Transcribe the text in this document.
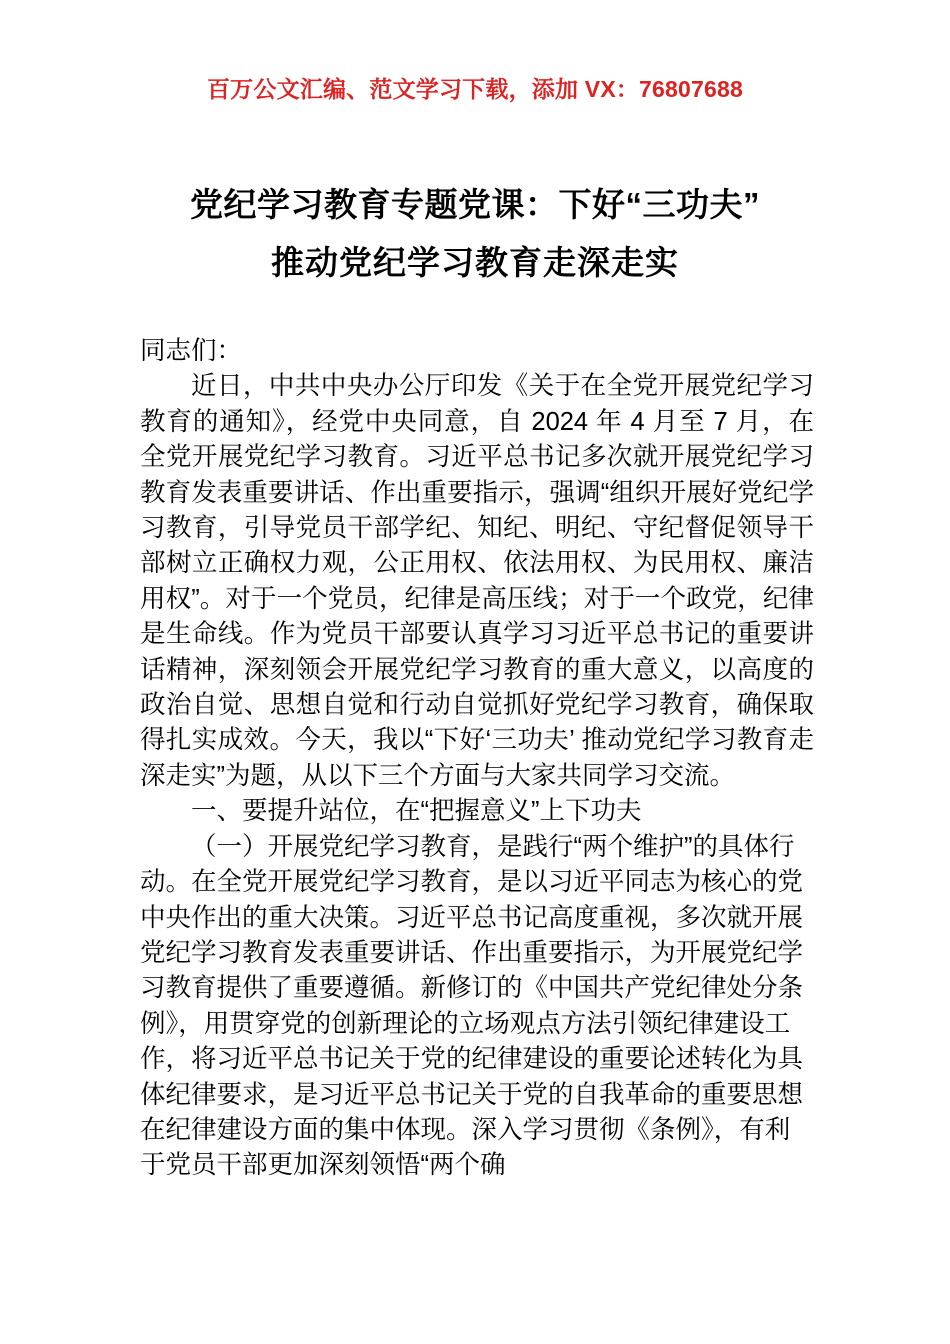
百万公文汇编、范文学习下载，添加 VX：76807688
党纪学习教育专题党课：下好“三功夫”
推动党纪学习教育走深走实

同志们：

近日，中共中央办公厅印发《关于在全党开展党纪学习教育的通知》，经党中央同意，自 2024 年 4 月至 7 月，在全党开展党纪学习教育。习近平总书记多次就开展党纪学习教育发表重要讲话、作出重要指示，强调“组织开展好党纪学习教育，引导党员干部学纪、知纪、明纪、守纪督促领导干部树立正确权力观，公正用权、依法用权、为民用权、廉洁用权”。对于一个党员，纪律是高压线；对于一个政党，纪律是生命线。作为党员干部要认真学习习近平总书记的重要讲话精神，深刻领会开展党纪学习教育的重大意义，以高度的政治自觉、思想自觉和行动自觉抓好党纪学习教育，确保取得扎实成效。今天，我以“下好‘三功夫’ 推动党纪学习教育走深走实”为题，从以下三个方面与大家共同学习交流。

一、要提升站位，在“把握意义”上下功夫

（一）开展党纪学习教育，是践行“两个维护”的具体行动。在全党开展党纪学习教育，是以习近平同志为核心的党中央作出的重大决策。习近平总书记高度重视，多次就开展党纪学习教育发表重要讲话、作出重要指示，为开展党纪学习教育提供了重要遵循。新修订的《中国共产党纪律处分条例》，用贯穿党的创新理论的立场观点方法引领纪律建设工作，将习近平总书记关于党的纪律建设的重要论述转化为具体纪律要求，是习近平总书记关于党的自我革命的重要思想在纪律建设方面的集中体现。深入学习贯彻《条例》，有利于党员干部更加深刻领悟“两个确
